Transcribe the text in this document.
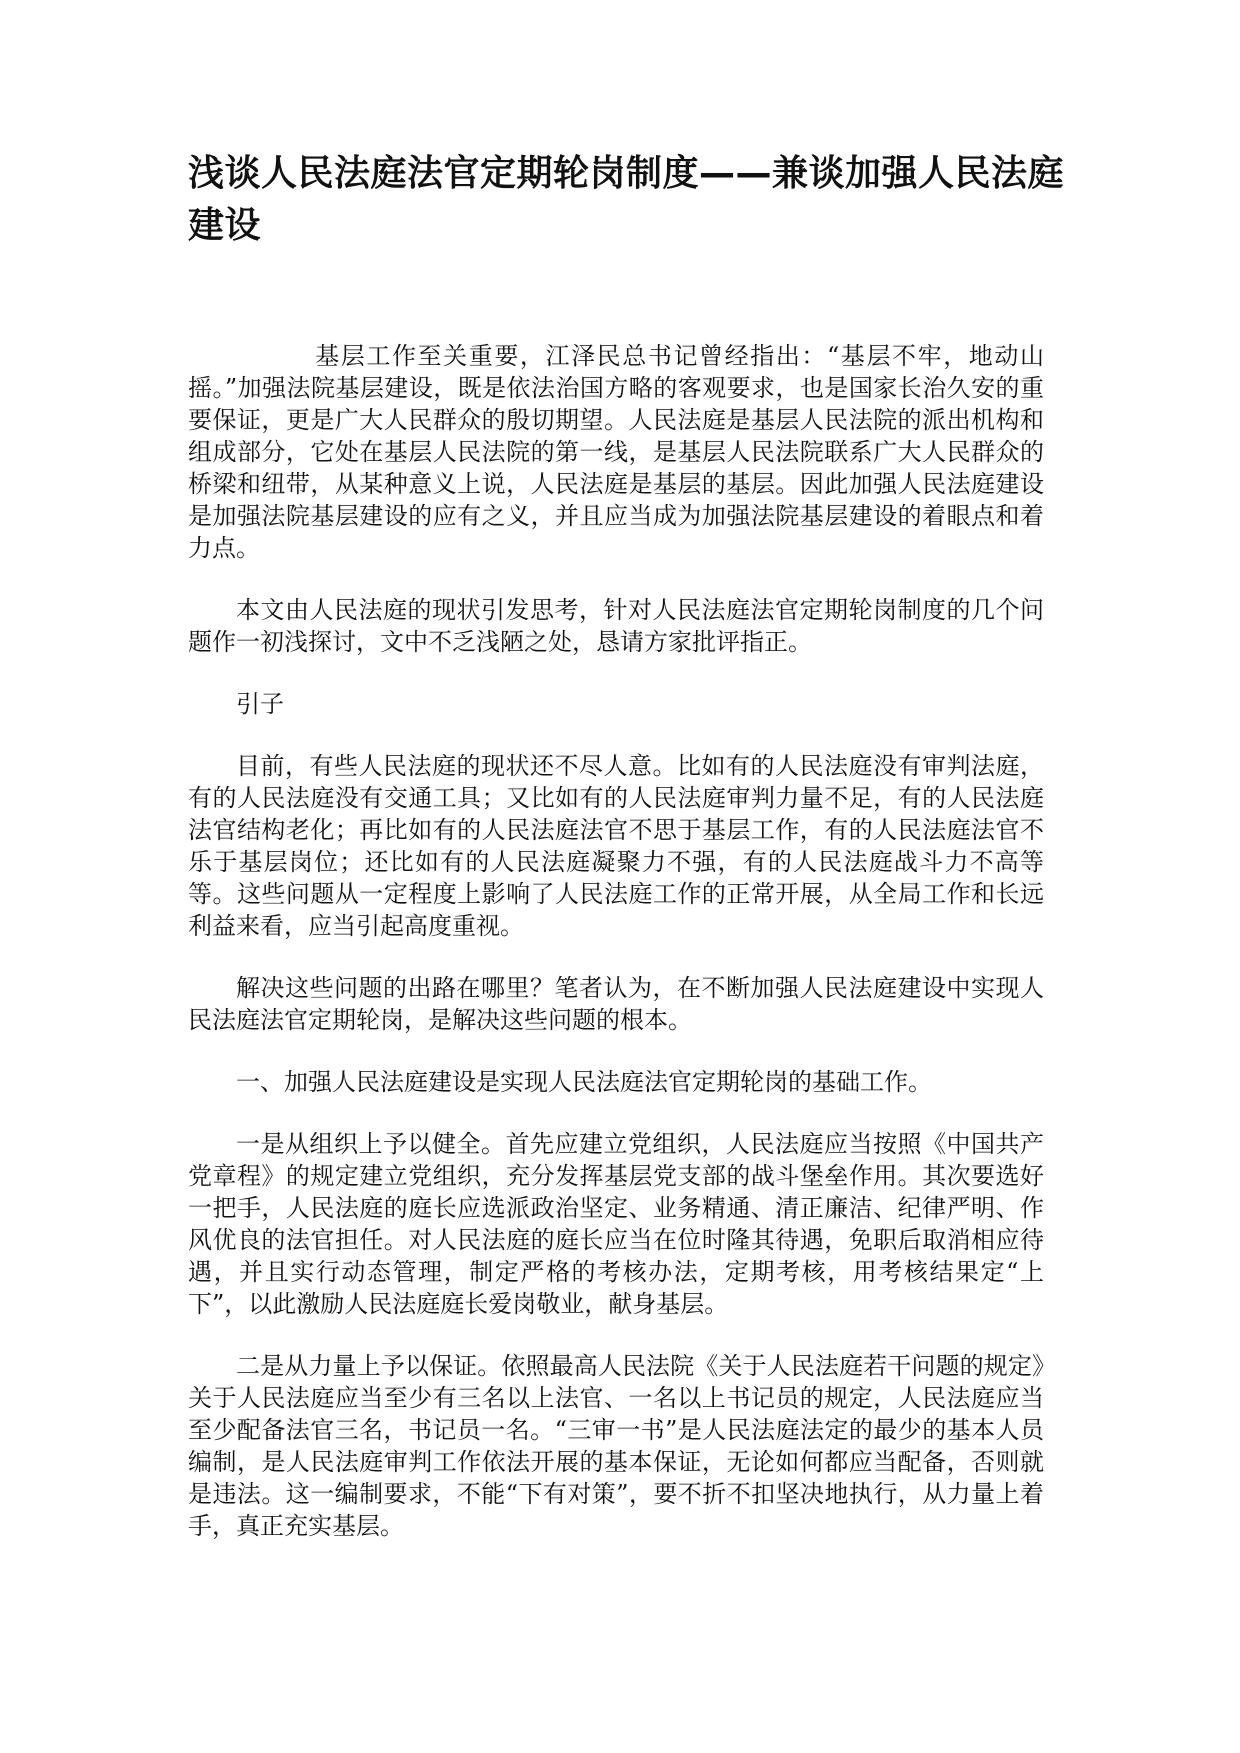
浅谈人民法庭法官定期轮岗制度——兼谈加强人民法庭建设

基层工作至关重要，江泽民总书记曾经指出：“基层不牢，地动山摇。”加强法院基层建设，既是依法治国方略的客观要求，也是国家长治久安的重要保证，更是广大人民群众的殷切期望。人民法庭是基层人民法院的派出机构和组成部分，它处在基层人民法院的第一线，是基层人民法院联系广大人民群众的桥梁和纽带，从某种意义上说，人民法庭是基层的基层。因此加强人民法庭建设是加强法院基层建设的应有之义，并且应当成为加强法院基层建设的着眼点和着力点。

本文由人民法庭的现状引发思考，针对人民法庭法官定期轮岗制度的几个问题作一初浅探讨，文中不乏浅陋之处，恳请方家批评指正。

引子

目前，有些人民法庭的现状还不尽人意。比如有的人民法庭没有审判法庭，有的人民法庭没有交通工具；又比如有的人民法庭审判力量不足，有的人民法庭法官结构老化；再比如有的人民法庭法官不思于基层工作，有的人民法庭法官不乐于基层岗位；还比如有的人民法庭凝聚力不强，有的人民法庭战斗力不高等等。这些问题从一定程度上影响了人民法庭工作的正常开展，从全局工作和长远利益来看，应当引起高度重视。

解决这些问题的出路在哪里？笔者认为，在不断加强人民法庭建设中实现人民法庭法官定期轮岗，是解决这些问题的根本。

一、加强人民法庭建设是实现人民法庭法官定期轮岗的基础工作。

一是从组织上予以健全。首先应建立党组织，人民法庭应当按照《中国共产党章程》的规定建立党组织，充分发挥基层党支部的战斗堡垒作用。其次要选好一把手，人民法庭的庭长应选派政治坚定、业务精通、清正廉洁、纪律严明、作风优良的法官担任。对人民法庭的庭长应当在位时隆其待遇，免职后取消相应待遇，并且实行动态管理，制定严格的考核办法，定期考核，用考核结果定“上下”，以此激励人民法庭庭长爱岗敬业，献身基层。

二是从力量上予以保证。依照最高人民法院《关于人民法庭若干问题的规定》关于人民法庭应当至少有三名以上法官、一名以上书记员的规定，人民法庭应当至少配备法官三名，书记员一名。“三审一书”是人民法庭法定的最少的基本人员编制，是人民法庭审判工作依法开展的基本保证，无论如何都应当配备，否则就是违法。这一编制要求，不能“下有对策”，要不折不扣坚决地执行，从力量上着手，真正充实基层。
